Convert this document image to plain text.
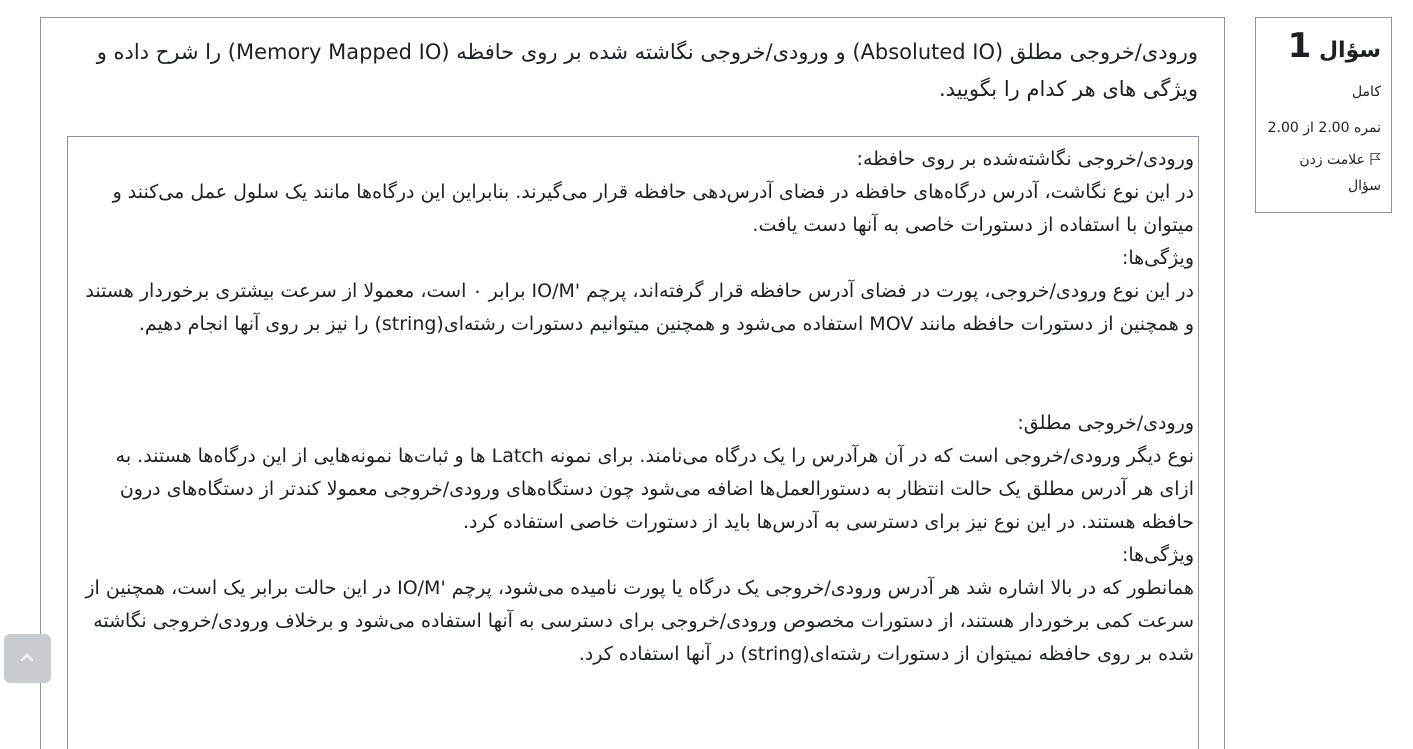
سؤال 1
کامل
نمره 2.00 از 2.00
علامت زدن سؤال
ورودی/خروجی مطلق (Absoluted IO) و ورودی/خروجی نگاشته شده بر روی حافظه (Memory Mapped IO) را شرح داده و ویژگی های هر کدام را بگویید.

ورودی/خروجی نگاشته‌شده بر روی حافظه:

در این نوع نگاشت، آدرس درگاه‌های حافظه در فضای آدرس‌دهی حافظه قرار می‌گیرند. بنابراین این درگاه‌ها مانند یک سلول عمل می‌کنند و میتوان با استفاده از دستورات خاصی به آنها دست یافت.

ویژگی‌ها:

در این نوع ورودی/خروجی، پورت در فضای آدرس حافظه قرار گرفته‌اند، پرچم 'IO/M برابر ۰ است، معمولا از سرعت بیشتری برخوردار هستند و همچنین از دستورات حافظه مانند MOV استفاده می‌شود و همچنین میتوانیم دستورات رشته‌ای(string) را نیز بر روی آنها انجام دهیم.

ورودی/خروجی مطلق:

نوع دیگر ورودی/خروجی است که در آن هرآدرس را یک درگاه می‌نامند. برای نمونه Latch ها و ثبات‌ها نمونه‌هایی از این درگاه‌ها هستند. به ازای هر آدرس مطلق یک حالت انتظار به دستورالعمل‌ها اضافه می‌شود چون دستگاه‌های ورودی/خروجی معمولا کندتر از دستگاه‌های درون حافظه هستند. در این نوع نیز برای دسترسی به آدرس‌ها باید از دستورات خاصی استفاده کرد.

ویژگی‌ها:

همانطور که در بالا اشاره شد هر آدرس ورودی/خروجی یک درگاه یا پورت نامیده می‌شود، پرچم 'IO/M در این حالت برابر یک است، همچنین از سرعت کمی برخوردار هستند، از دستورات مخصوص ورودی/خروجی برای دسترسی به آنها استفاده می‌شود و برخلاف ورودی/خروجی نگاشته شده بر روی حافظه نمیتوان از دستورات رشته‌ای(string) در آنها استفاده کرد.
